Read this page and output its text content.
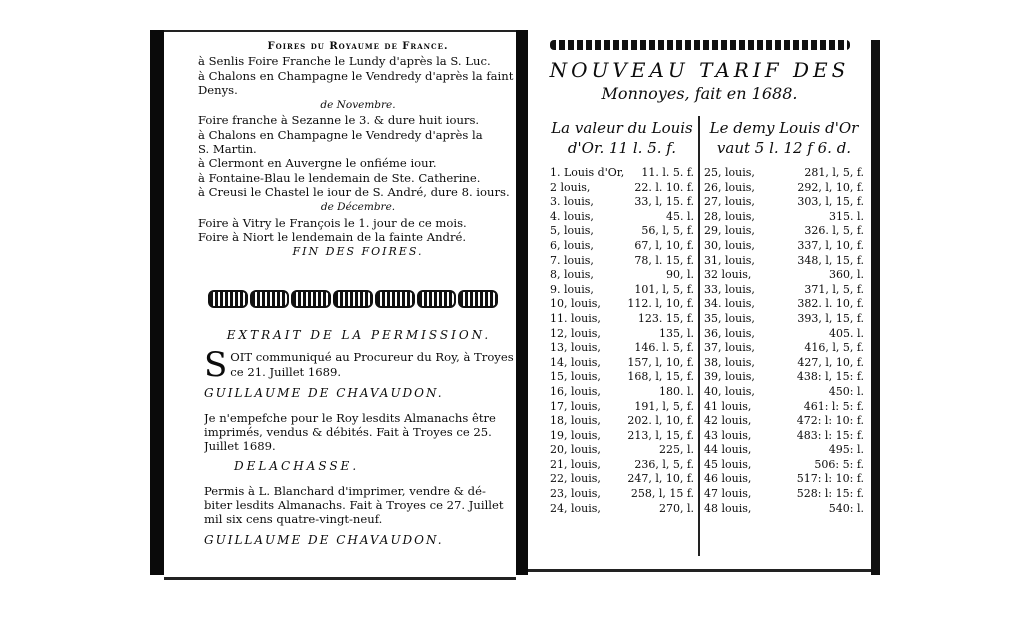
Foires du Royaume de France.
à Senlis Foire Franche le Lundy d'après la S. Luc.
à Chalons en Champagne le Vendredy d'après la faint
Denys.
de Novembre.
Foire franche à Sezanne le 3. & dure huit iours.
à Chalons en Champagne le Vendredy d'après la
S. Martin.
à Clermont en Auvergne le onfiéme iour.
à Fontaine-Blau le lendemain de Ste. Catherine.
à Creusi le Chastel le iour de S. André, dure 8. iours.
de Décembre.
Foire à Vitry le François le 1. jour de ce mois.
Foire à Niort le lendemain de la fainte André.
FIN DES FOIRES.
EXTRAIT DE LA PERMISSION.
S OIT communiqué au Procureur du Roy, à Troyes
ce 21. Juillet 1689.
GUILLAUME DE CHAVAUDON.
Je n'empefche pour le Roy lesdits Almanachs être
imprimés, vendus & débités. Fait à Troyes ce 25.
Juillet 1689.
DELACHASSE.
Permis à L. Blanchard d'imprimer, vendre & dé-
biter lesdits Almanachs. Fait à Troyes ce 27. Juillet
mil six cens quatre-vingt-neuf.
GUILLAUME DE CHAVAUDON.
NOUVEAU TARIF DES
Monnoyes, fait en 1688.
La valeur du Louis
d'Or. 11 l. 5. f.
Le demy Louis d'Or
vaut 5 l. 12 f 6. d.
1. Louis d'Or, 11. l. 5. f.
2 louis,	22. l. 10. f.
3. louis,	33, l, 15. f.
4. louis,	45. l.
5, louis,	56, l, 5, f.
6, louis,	67, l, 10, f.
7. louis,	78, l. 15, f.
8, louis,	90, l.
9. louis,	101, l, 5, f.
10, louis, 112. l, 10, f.
11. louis,	123. 15, f.
12, louis,	135, l.
13, louis,	146. l. 5, f.
14, louis, 157, l, 10, f.
15, louis, 168, l, 15, f.
16, louis,	180. l.
17, louis,	191, l, 5, f.
18, louis, 202. l, 10, f.
19, louis, 213, l, 15, f.
20, louis,	225, l.
21, louis,	236, l, 5, f.
22, louis, 247, l, 10, f.
23, louis,	258, l, 15 f.
24, louis,	270, l.
25, louis,	281, l, 5, f.
26, louis,	292, l, 10, f.
27, louis,	303, l, 15, f.
28, louis,	315. l.
29, louis,	326. l, 5, f.
30, louis,	337, l, 10, f.
31, louis,	348, l, 15, f.
32 louis,	360, l.
33, louis,	371, l, 5, f.
34. louis,	382. l. 10, f.
35, louis,	393, l, 15, f.
36, louis,	405. l.
37, louis,	416, l, 5, f.
38, louis,	427, l, 10, f.
39, louis,	438: l, 15: f.
40, louis,	450: l.
41 louis,	461: l: 5: f.
42 louis,	472: l: 10: f.
43 louis,	483: l: 15: f.
44 louis,	495: l.
45 louis,	506: 5: f.
46 louis,	517: l: 10: f.
47 louis,	528: l: 15: f.
48 louis,	540: l.
